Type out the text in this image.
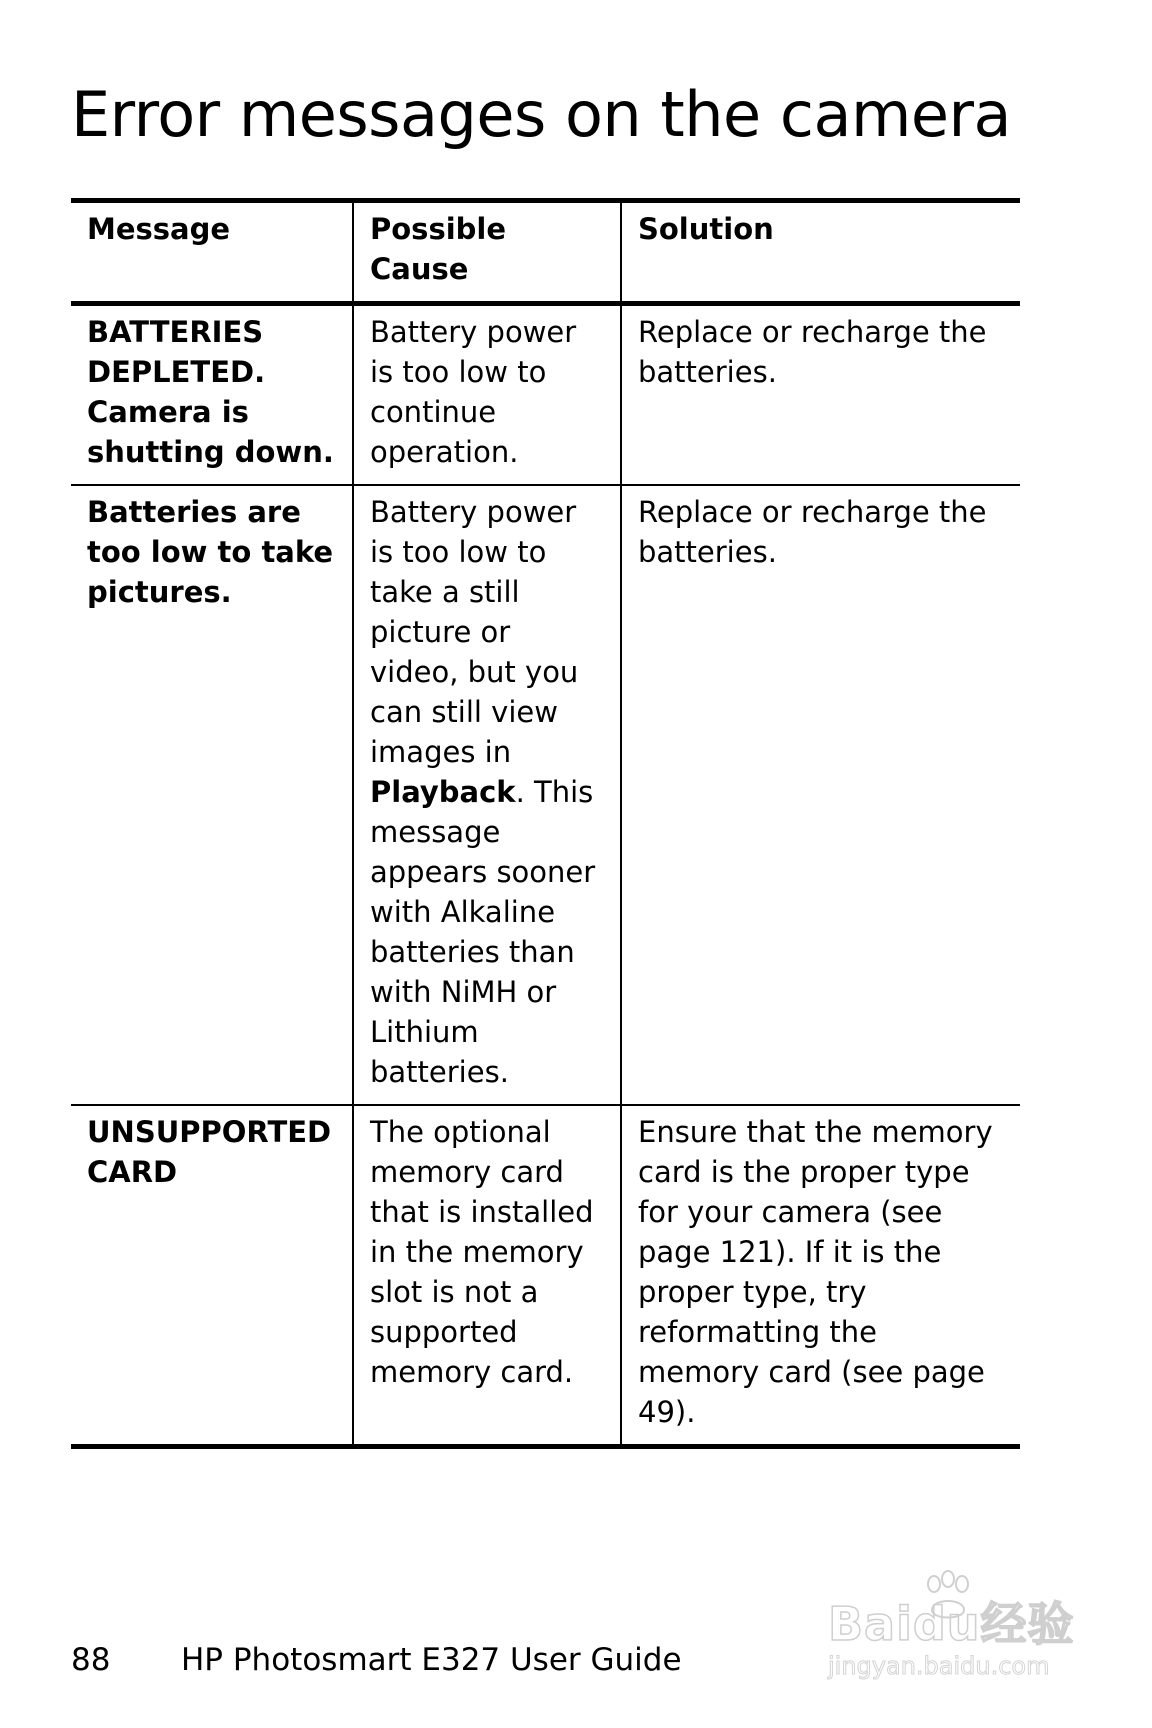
Error messages on the camera
Message	Possible Cause	Solution
BATTERIES DEPLETED. Camera is shutting down.	Battery power is too low to continue operation.	Replace or recharge the batteries.
Batteries are too low to take pictures.	Battery power is too low to take a still picture or video, but you can still view images in Playback. This message appears sooner with Alkaline batteries than with NiMH or Lithium batteries.	Replace or recharge the batteries.
UNSUPPORTED CARD	The optional memory card that is installed in the memory slot is not a supported memory card.	Ensure that the memory card is the proper type for your camera (see page 121). If it is the proper type, try reformatting the memory card (see page 49).
88 HP Photosmart E327 User Guide
Baidu经验
jingyan.baidu.com
